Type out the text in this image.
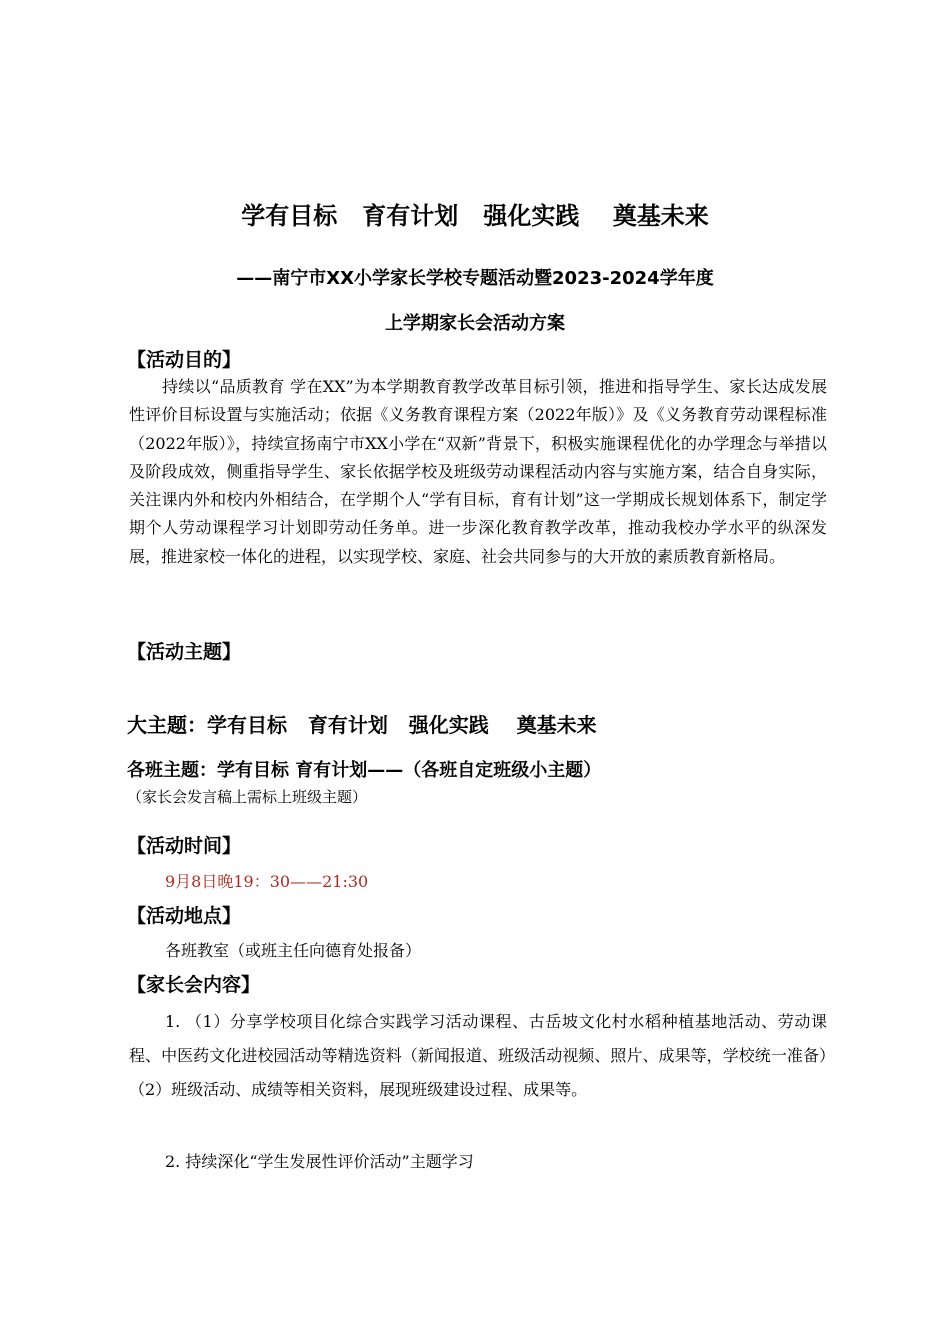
学有目标   育有计划   强化实践    奠基未来
——南宁市XX小学家长学校专题活动暨2023-2024学年度
上学期家长会活动方案
【活动目的】
持续以“品质教育 学在XX”为本学期教育教学改革目标引领，推进和指导学生、家长达成发展性评价目标设置与实施活动；依据《义务教育课程方案（2022年版）》及《义务教育劳动课程标准（2022年版）》，持续宣扬南宁市XX小学在“双新”背景下，积极实施课程优化的办学理念与举措以及阶段成效，侧重指导学生、家长依据学校及班级劳动课程活动内容与实施方案，结合自身实际，关注课内外和校内外相结合，在学期个人“学有目标，育有计划”这一学期成长规划体系下，制定学期个人劳动课程学习计划即劳动任务单。进一步深化教育教学改革，推动我校办学水平的纵深发展，推进家校一体化的进程，以实现学校、家庭、社会共同参与的大开放的素质教育新格局。
【活动主题】
大主题：学有目标   育有计划   强化实践    奠基未来
各班主题：学有目标 育有计划——（各班自定班级小主题）（家长会发言稿上需标上班级主题）
【活动时间】
9月8日晚19：30——21:30
【活动地点】
各班教室（或班主任向德育处报备）
【家长会内容】
1. （1）分享学校项目化综合实践学习活动课程、古岳坡文化村水稻种植基地活动、劳动课程、中医药文化进校园活动等精选资料（新闻报道、班级活动视频、照片、成果等，学校统一准备）（2）班级活动、成绩等相关资料，展现班级建设过程、成果等。
2. 持续深化“学生发展性评价活动”主题学习
